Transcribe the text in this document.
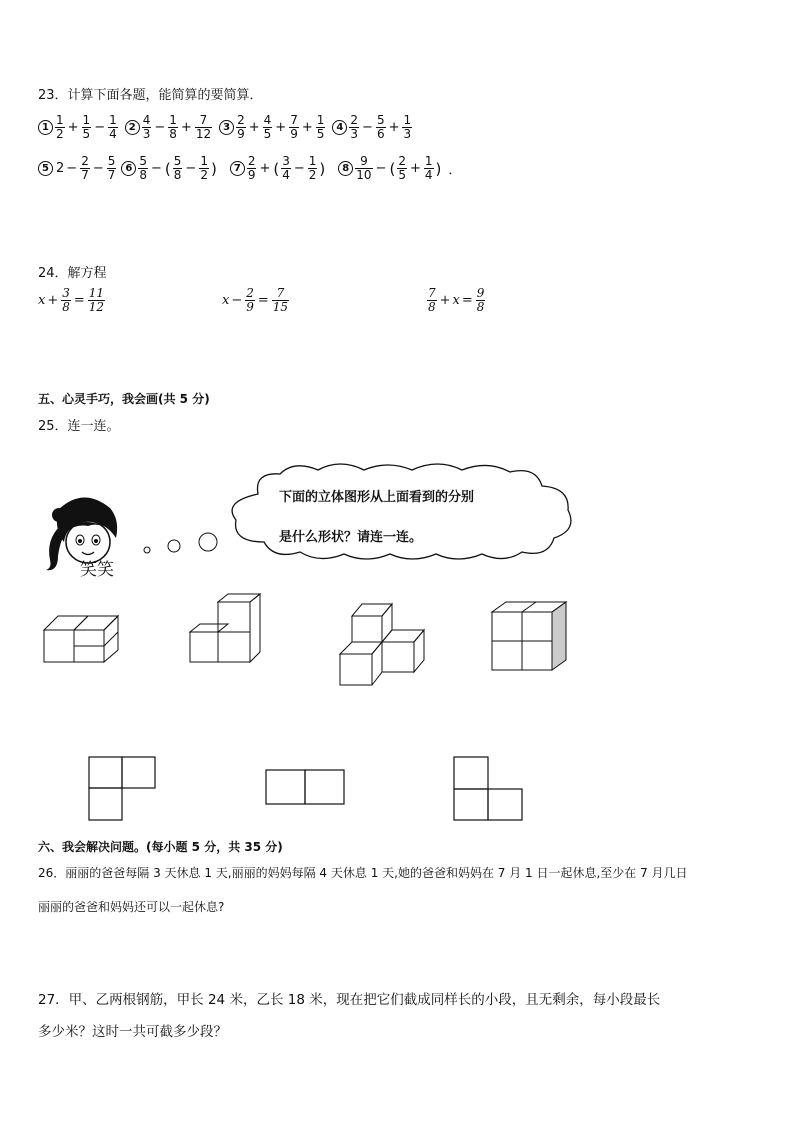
23．计算下面各题，能简算的要简算．
$1 \frac{1}{2} + \frac{1}{5} - \frac{1}{4}$	$2 \frac{4}{3} - \frac{1}{8} + \frac{7}{12}$	$3 \frac{2}{9} + \frac{4}{5} + \frac{7}{9} + \frac{1}{5}$	$4 \frac{2}{3} - \frac{5}{6} + \frac{1}{3}$
5 $2 - \frac{2}{7} - \frac{5}{7} 6 \frac{5}{8}$ − ( $\frac{5}{8} - \frac{1}{2}$ )	$7 \frac{2}{9}$ + ( $\frac{3}{4} - \frac{1}{2}$ )	$8 \frac{9}{10}$ − ( $\frac{2}{5} + \frac{1}{4}$ ) ．
24．解方程
$x + \frac{3}{8} = \frac{11}{12}$	$x - \frac{2}{9} = \frac{7}{15}$	$\frac{7}{8} + x = \frac{9}{8}$
五、心灵手巧，我会画(共 5 分)
25．连一连。
笑笑
下面的立体图形从上面看到的分别
是什么形状？请连一连。
六、我会解决问题。(每小题 5 分，共 35 分)
26．丽丽的爸爸每隔 3 天休息 1 天,丽丽的妈妈每隔 4 天休息 1 天,她的爸爸和妈妈在 7 月 1 日一起休息,至少在 7 月几日
丽丽的爸爸和妈妈还可以一起休息?
27．甲、乙两根钢筋，甲长 24 米，乙长 18 米，现在把它们截成同样长的小段，且无剩余，每小段最长
多少米？这时一共可截多少段？
